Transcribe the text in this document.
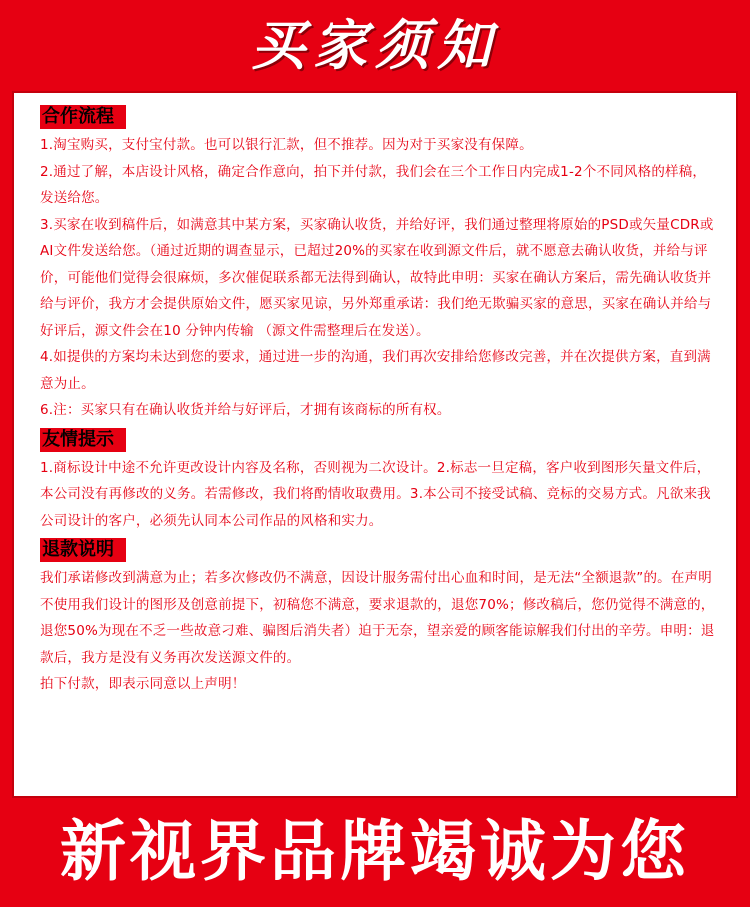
买家须知
合作流程

1.淘宝购买，支付宝付款。也可以银行汇款，但不推荐。因为对于买家没有保障。

2.通过了解，本店设计风格，确定合作意向，拍下并付款，我们会在三个工作日内完成1-2个不同风格的样稿，发送给您。

3.买家在收到稿件后，如满意其中某方案，买家确认收货，并给好评，我们通过整理将原始的PSD或矢量CDR或AI文件发送给您。（通过近期的调查显示，已超过20%的买家在收到源文件后，就不愿意去确认收货，并给与评价，可能他们觉得会很麻烦，多次催促联系都无法得到确认，故特此申明：买家在确认方案后，需先确认收货并给与评价，我方才会提供原始文件，愿买家见谅，另外郑重承诺：我们绝无欺骗买家的意思，买家在确认并给与好评后，源文件会在10 分钟内传输 （源文件需整理后在发送）。

4.如提供的方案均未达到您的要求，通过进一步的沟通，我们再次安排给您修改完善，并在次提供方案，直到满意为止。

6.注：买家只有在确认收货并给与好评后，才拥有该商标的所有权。

友情提示

1.商标设计中途不允许更改设计内容及名称，否则视为二次设计。2.标志一旦定稿，客户收到图形矢量文件后，本公司没有再修改的义务。若需修改，我们将酌情收取费用。3.本公司不接受试稿、竞标的交易方式。凡欲来我公司设计的客户，必须先认同本公司作品的风格和实力。

退款说明

我们承诺修改到满意为止；若多次修改仍不满意，因设计服务需付出心血和时间，是无法“全额退款”的。在声明不使用我们设计的图形及创意前提下，初稿您不满意，要求退款的，退您70%；修改稿后，您仍觉得不满意的，退您50%为现在不乏一些故意刁难、骗图后消失者）迫于无奈，望亲爱的顾客能谅解我们付出的辛劳。申明：退款后，我方是没有义务再次发送源文件的。

拍下付款，即表示同意以上声明！

新视界品牌竭诚为您
